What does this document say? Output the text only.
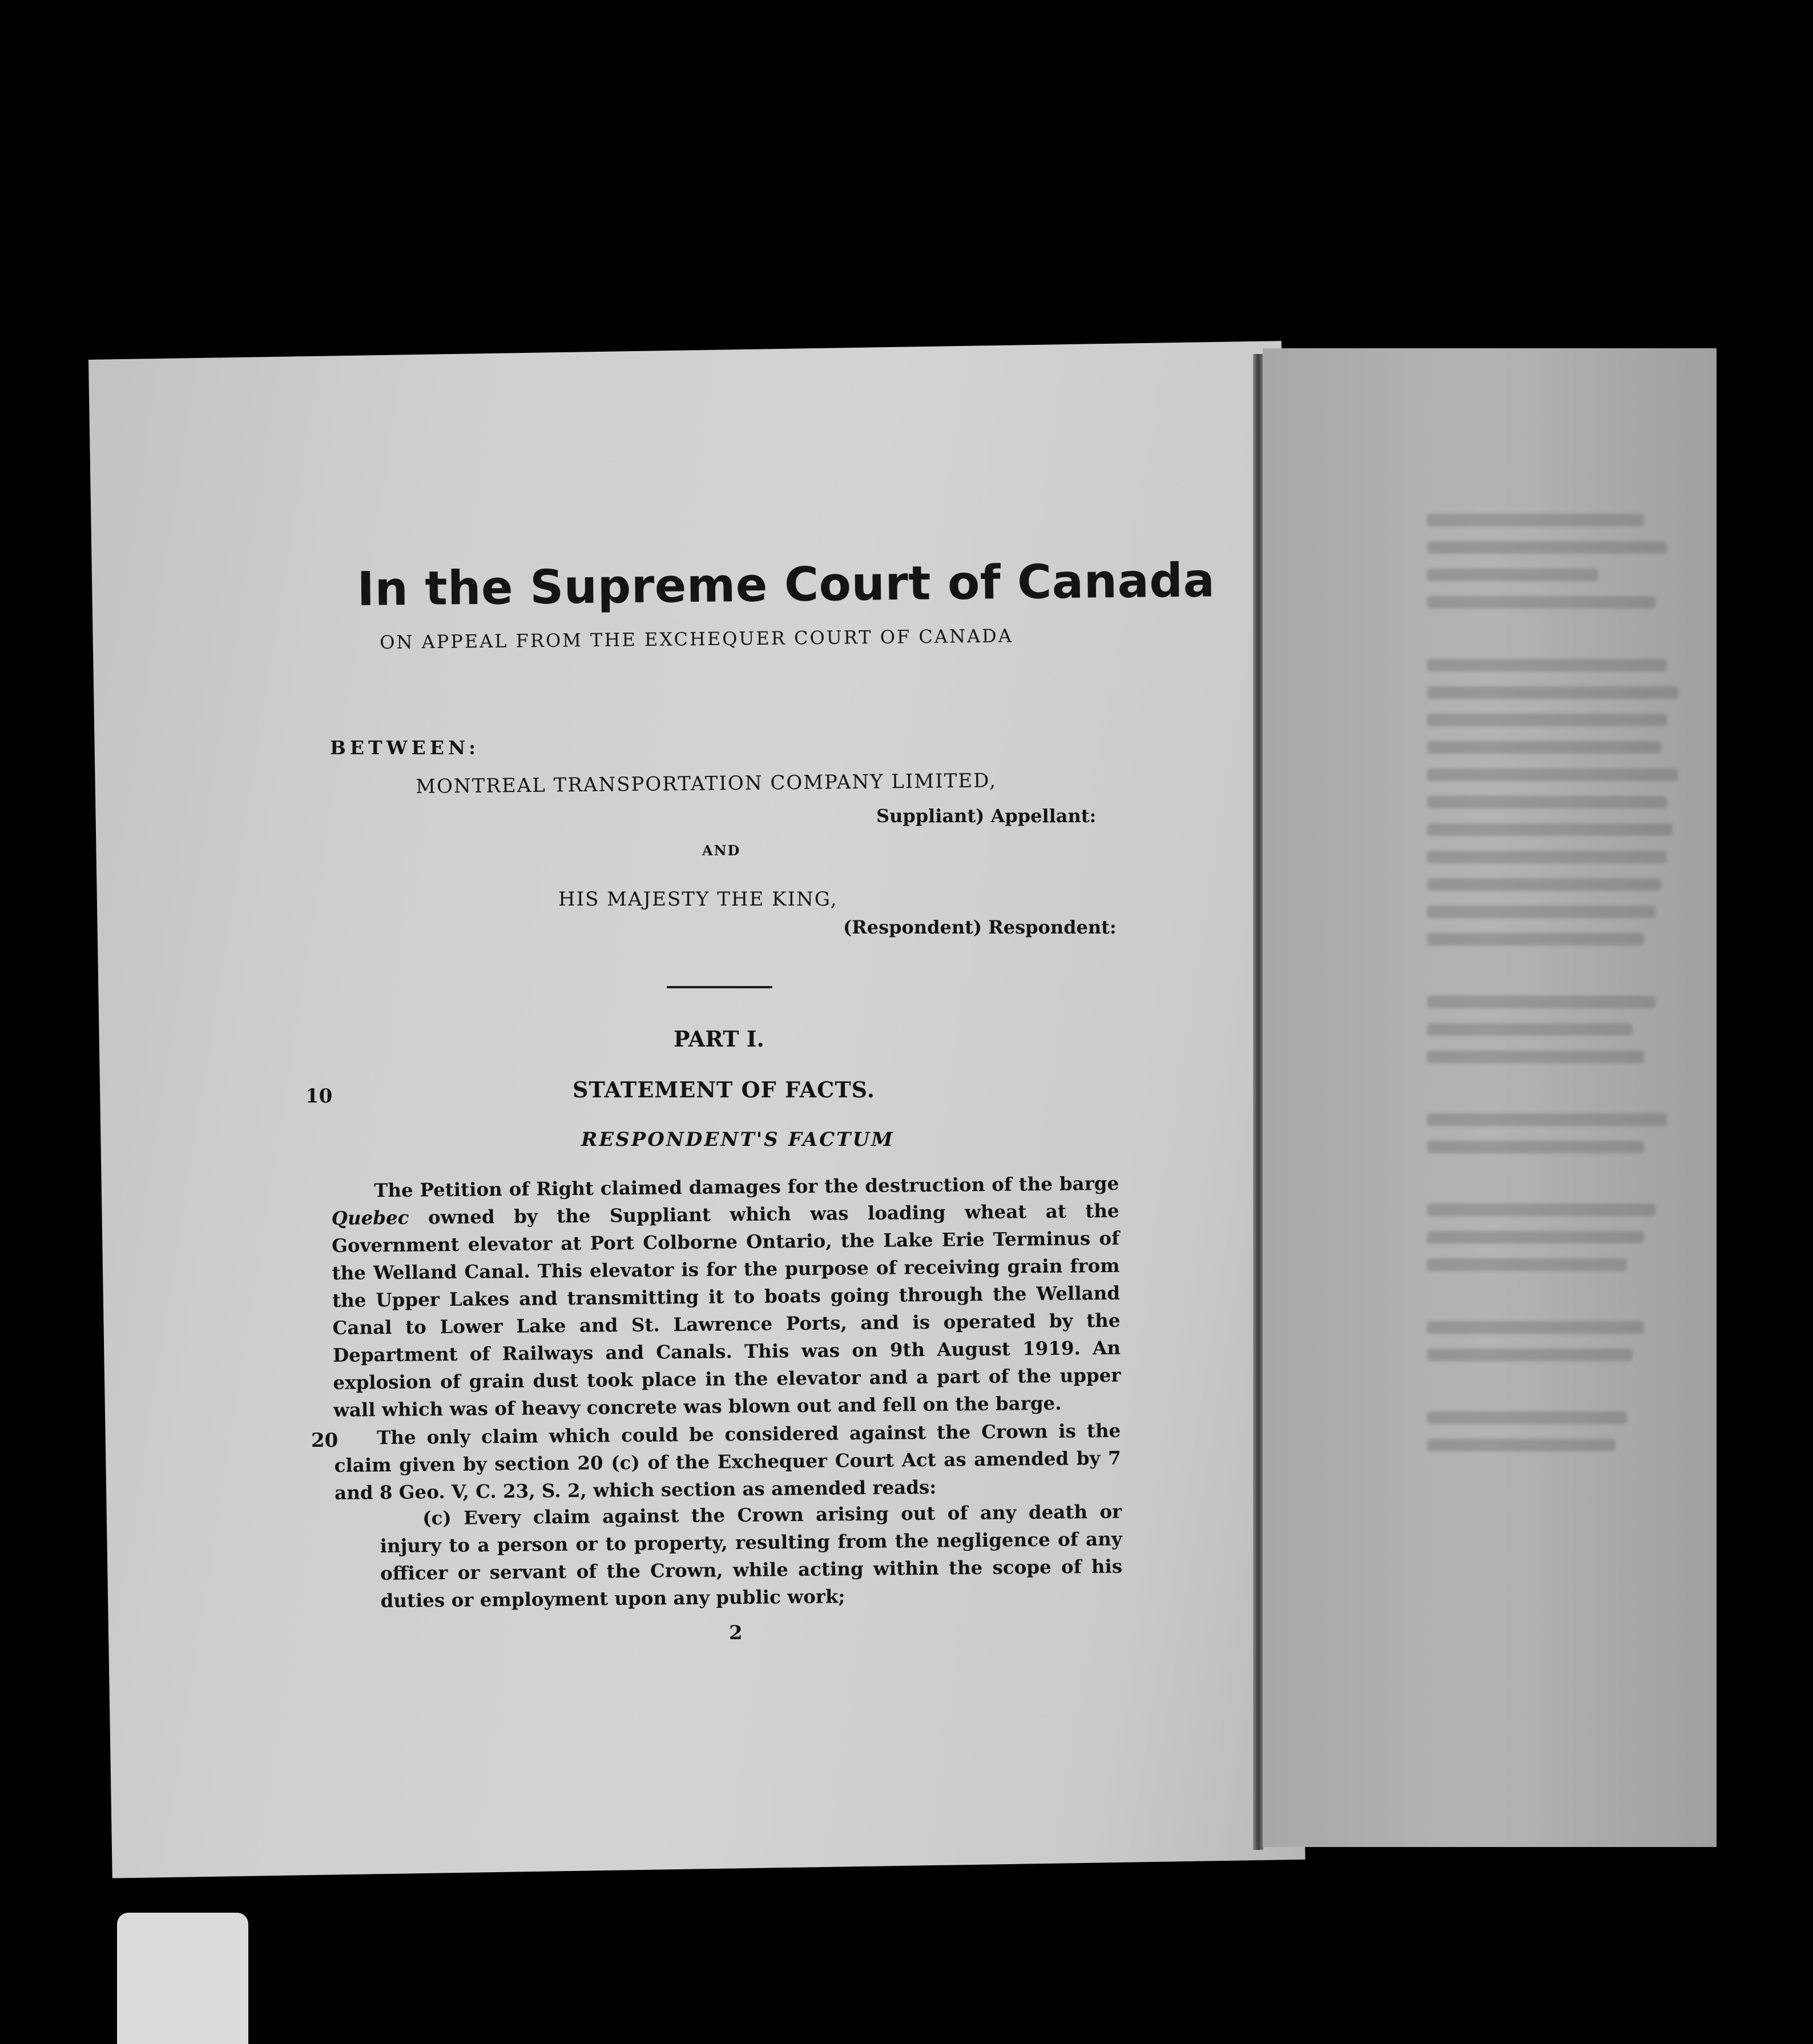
In the Supreme Court of Canada
ON APPEAL FROM THE EXCHEQUER COURT OF CANADA
BETWEEN:
MONTREAL TRANSPORTATION COMPANY LIMITED,
Suppliant) Appellant:
AND
HIS MAJESTY THE KING,
(Respondent) Respondent:
PART I.
STATEMENT OF FACTS.
RESPONDENT'S FACTUM
10
20

The Petition of Right claimed damages for the destruction of the barge Quebec owned by the Suppliant which was loading wheat at the Government elevator at Port Colborne Ontario, the Lake Erie Terminus of the Welland Canal. This elevator is for the purpose of receiving grain from the Upper Lakes and transmitting it to boats going through the Welland Canal to Lower Lake and St. Lawrence Ports, and is operated by the Department of Railways and Canals. This was on 9th August 1919. An explosion of grain dust took place in the elevator and a part of the upper wall which was of heavy concrete was blown out and fell on the barge.

The only claim which could be considered against the Crown is the claim given by section 20 (c) of the Exchequer Court Act as amended by 7 and 8 Geo. V, C. 23, S. 2, which section as amended reads:

(c) Every claim against the Crown arising out of any death or injury to a person or to property, resulting from the negligence of any officer or servant of the Crown, while acting within the scope of his duties or employment upon any public work;

2
